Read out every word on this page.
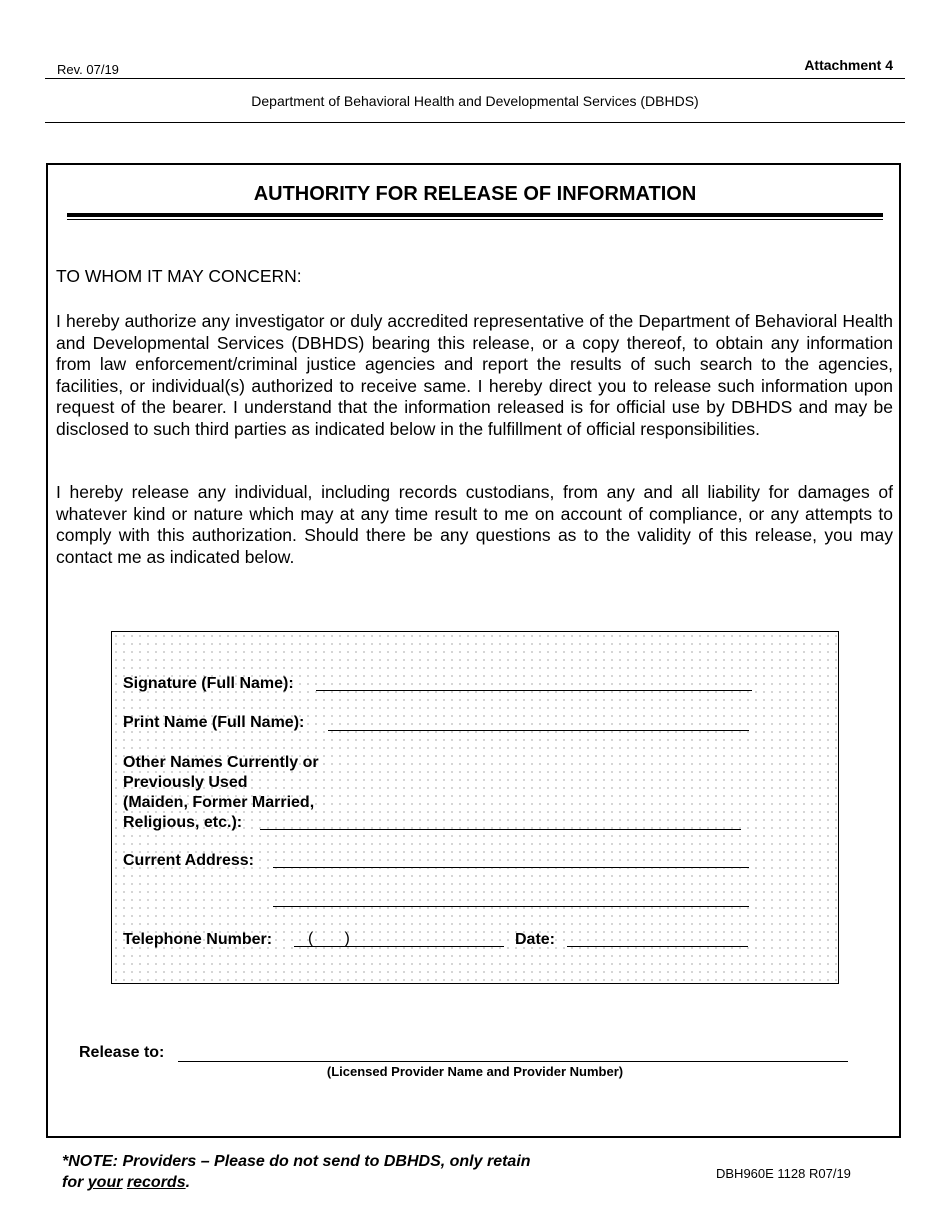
Rev. 07/19	Attachment 4
Department of Behavioral Health and Developmental Services (DBHDS)
AUTHORITY FOR RELEASE OF INFORMATION
TO WHOM IT MAY CONCERN:
I hereby authorize any investigator or duly accredited representative of the Department of Behavioral Health and Developmental Services (DBHDS) bearing this release, or a copy thereof, to obtain any information from law enforcement/criminal justice agencies and report the results of such search to the agencies, facilities, or individual(s) authorized to receive same. I hereby direct you to release such information upon request of the bearer. I understand that the information released is for official use by DBHDS and may be disclosed to such third parties as indicated below in the fulfillment of official responsibilities.
I hereby release any individual, including records custodians, from any and all liability for damages of whatever kind or nature which may at any time result to me on account of compliance, or any attempts to comply with this authorization. Should there be any questions as to the validity of this release, you may contact me as indicated below.
Signature (Full Name):
Print Name (Full Name):
Other Names Currently or
Previously Used
(Maiden, Former Married,
Religious, etc.):
Current Address:
Telephone Number: (       )	Date:
Release to:
(Licensed Provider Name and Provider Number)
*NOTE: Providers – Please do not send to DBHDS, only retain
for your records.
DBH960E 1128 R07/19
